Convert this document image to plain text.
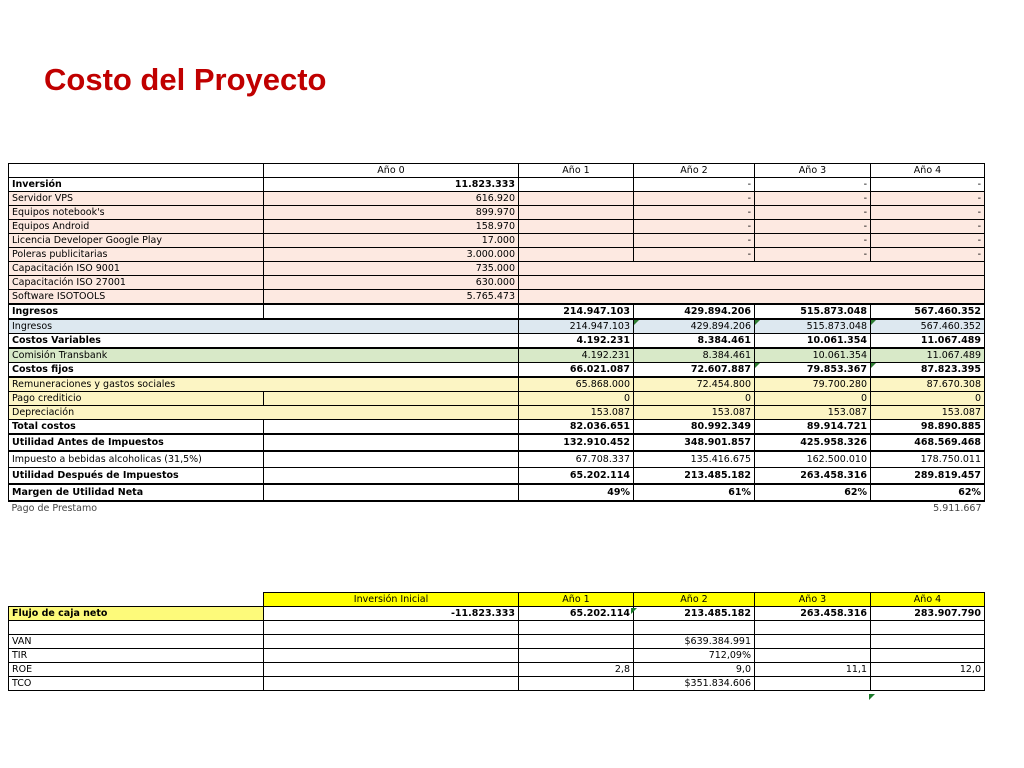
Costo del Proyecto
	Año 0	Año 1	Año 2	Año 3	Año 4
Inversión	11.823.333		-	-	-
Servidor VPS	616.920		-	-	-
Equipos notebook's	899.970		-	-	-
Equipos Android	158.970		-	-	-
Licencia Developer Google Play	17.000		-	-	-
Poleras publicitarias	3.000.000		-	-	-
Capacitación ISO 9001	735.000				
Capacitación ISO 27001	630.000				
Software ISOTOOLS	5.765.473				
Ingresos		214.947.103	429.894.206	515.873.048	567.460.352
Ingresos		214.947.103	429.894.206	515.873.048	567.460.352
Costos Variables		4.192.231	8.384.461	10.061.354	11.067.489
Comisión Transbank		4.192.231	8.384.461	10.061.354	11.067.489
Costos fijos		66.021.087	72.607.887	79.853.367	87.823.395
Remuneraciones y gastos sociales		65.868.000	72.454.800	79.700.280	87.670.308
Pago crediticio		0	0	0	0
Depreciación		153.087	153.087	153.087	153.087
Total costos		82.036.651	80.992.349	89.914.721	98.890.885
Utilidad Antes de Impuestos		132.910.452	348.901.857	425.958.326	468.569.468
Impuesto a bebidas alcoholicas (31,5%)		67.708.337	135.416.675	162.500.010	178.750.011
Utilidad Después de Impuestos		65.202.114	213.485.182	263.458.316	289.819.457
Margen de Utilidad Neta		49%	61%	62%	62%
Pago de Prestamo					5.911.667
	Inversión Inicial	Año 1	Año 2	Año 3	Año 4
Flujo de caja neto	-11.823.333	65.202.114	213.485.182	263.458.316	283.907.790

VAN			$639.384.991		
TIR			712,09%		
ROE		2,8	9,0	11,1	12,0
TCO			$351.834.606		
